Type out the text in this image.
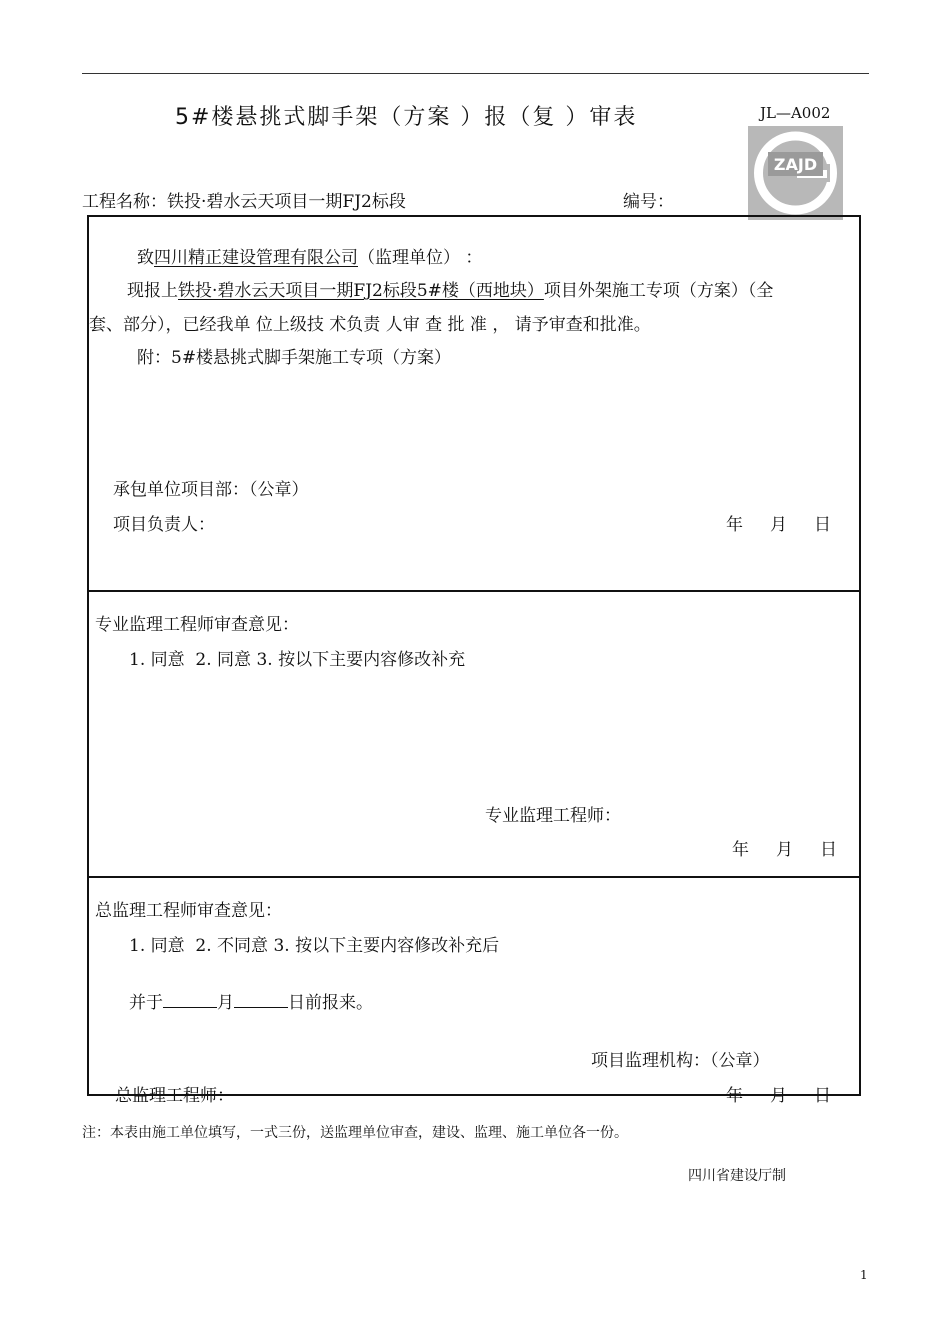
5#楼悬挑式脚手架（方案 ）报（复 ）审表	JL—A002
ZAJD
工程名称：铁投·碧水云天项目一期FJ2标段	编号：
致四川精正建设管理有限公司（监理单位） ：
现报上铁投·碧水云天项目一期FJ2标段5#楼（西地块）项目外架施工专项（方案）（全
套、部分），已经我单 位上级技 术负责 人审 查 批 准 ， 请予审查和批准。
附：5#楼悬挑式脚手架施工专项（方案）
承包单位项目部：（公章）
项目负责人：	年     月     日
专业监理工程师审查意见：
1. 同意  2. 同意 3. 按以下主要内容修改补充
专业监理工程师：
年     月     日
总监理工程师审查意见：
1. 同意  2. 不同意 3. 按以下主要内容修改补充后
并于	月	日前报来。
项目监理机构：（公章）
总监理工程师：	年     月     日
注：本表由施工单位填写，一式三份，送监理单位审查，建设、监理、施工单位各一份。
四川省建设厅制
1
